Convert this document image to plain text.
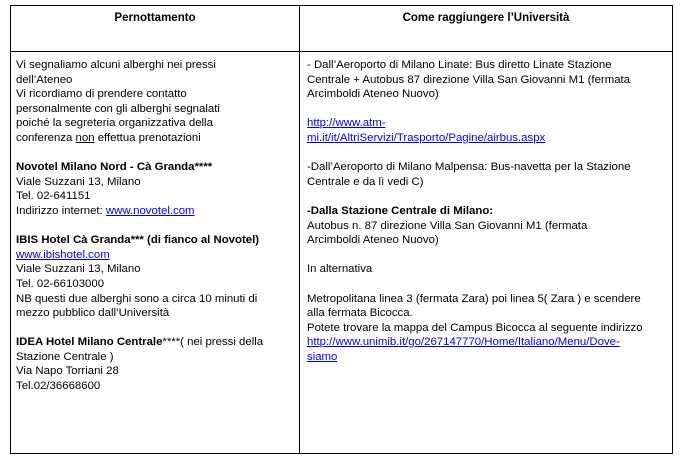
Pernottamento	Come raggiungere l’Università

Vi segnaliamo alcuni alberghi nei pressi

dell’Ateneo

Vi ricordiamo di prendere contatto

personalmente con gli alberghi segnalati

poiché la segreteria organizzativa della

conferenza non effettua prenotazioni

Novotel Milano Nord - Cà Granda****

Viale Suzzani 13, Milano

Tel. 02-641151

Indirizzo internet: www.novotel.com

IBIS Hotel Cà Granda*** (di fianco al Novotel)

www.ibishotel.com

Viale Suzzani 13, Milano

Tel. 02-66103000

NB questi due alberghi sono a circa 10 minuti di

mezzo pubblico dall’Università

IDEA Hotel Milano Centrale****( nei pressi della

Stazione Centrale )

Via Napo Torriani 28

Tel.02/36668600

- Dall’Aeroporto di Milano Linate: Bus diretto Linate Stazione

Centrale + Autobus 87 direzione Villa San Giovanni M1 (fermata

Arcimboldi Ateneo Nuovo)

http://www.atm-

mi.it/it/AltriServizi/Trasporto/Pagine/airbus.aspx

-Dall’Aeroporto di Milano Malpensa: Bus-navetta per la Stazione

Centrale e da lì vedi C)

-Dalla Stazione Centrale di Milano:

Autobus n. 87 direzione Villa San Giovanni M1 (fermata

Arcimboldi Ateneo Nuovo)

In alternativa

Metropolitana linea 3 (fermata Zara) poi linea 5( Zara ) e scendere

alla fermata Bicocca.

Potete trovare la mappa del Campus Bicocca al seguente indirizzo

http://www.unimib.it/go/267147770/Home/Italiano/Menu/Dove-

siamo
